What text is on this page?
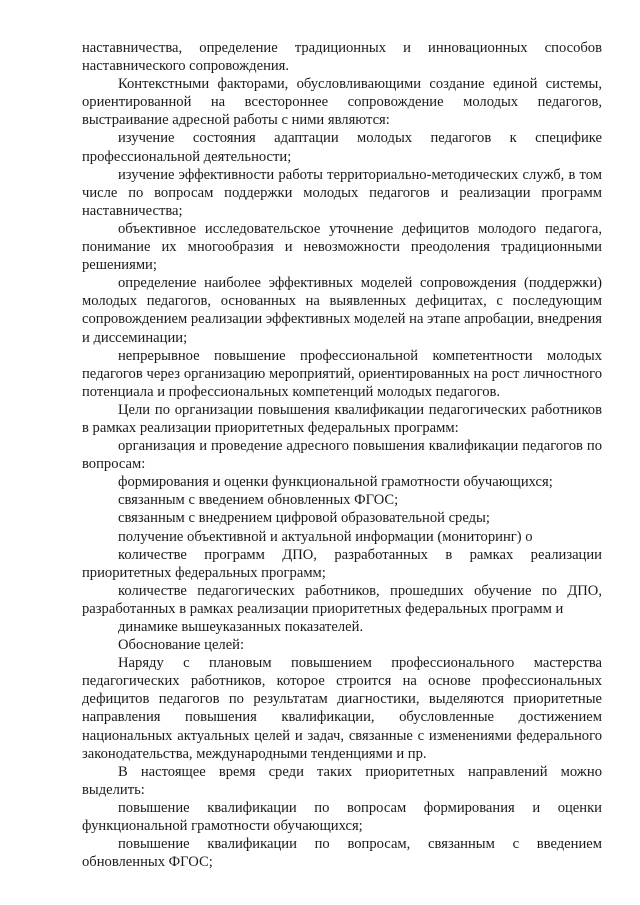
наставничества, определение традиционных и инновационных способов наставнического сопровождения.

Контекстными факторами, обусловливающими создание единой системы, ориентированной на всестороннее сопровождение молодых педагогов, выстраивание адресной работы с ними являются:

изучение состояния адаптации молодых педагогов к специфике профессиональной деятельности;

изучение эффективности работы территориально-методических служб, в том числе по вопросам поддержки молодых педагогов и реализации программ наставничества;

объективное исследовательское уточнение дефицитов молодого педагога, понимание их многообразия и невозможности преодоления традиционными решениями;

определение наиболее эффективных моделей сопровождения (поддержки) молодых педагогов, основанных на выявленных дефицитах, с последующим сопровождением реализации эффективных моделей на этапе апробации, внедрения и диссеминации;

непрерывное повышение профессиональной компетентности молодых педагогов через организацию мероприятий, ориентированных на рост личностного потенциала и профессиональных компетенций молодых педагогов.

Цели по организации повышения квалификации педагогических работников в рамках реализации приоритетных федеральных программ:

организация и проведение адресного повышения квалификации педагогов по вопросам:

формирования и оценки функциональной грамотности обучающихся;

связанным с введением обновленных ФГОС;

связанным с внедрением цифровой образовательной среды;

получение объективной и актуальной информации (мониторинг) о

количестве программ ДПО, разработанных в рамках реализации приоритетных федеральных программ;

количестве педагогических работников, прошедших обучение по ДПО, разработанных в рамках реализации приоритетных федеральных программ и

динамике вышеуказанных показателей.

Обоснование целей:

Наряду с плановым повышением профессионального мастерства педагогических работников, которое строится на основе профессиональных дефицитов педагогов по результатам диагностики, выделяются приоритетные направления повышения квалификации, обусловленные достижением национальных актуальных целей и задач, связанные с изменениями федерального законодательства, международными тенденциями и пр.

В настоящее время среди таких приоритетных направлений можно выделить:

повышение квалификации по вопросам формирования и оценки функциональной грамотности обучающихся;

повышение квалификации по вопросам, связанным с введением обновленных ФГОС;
